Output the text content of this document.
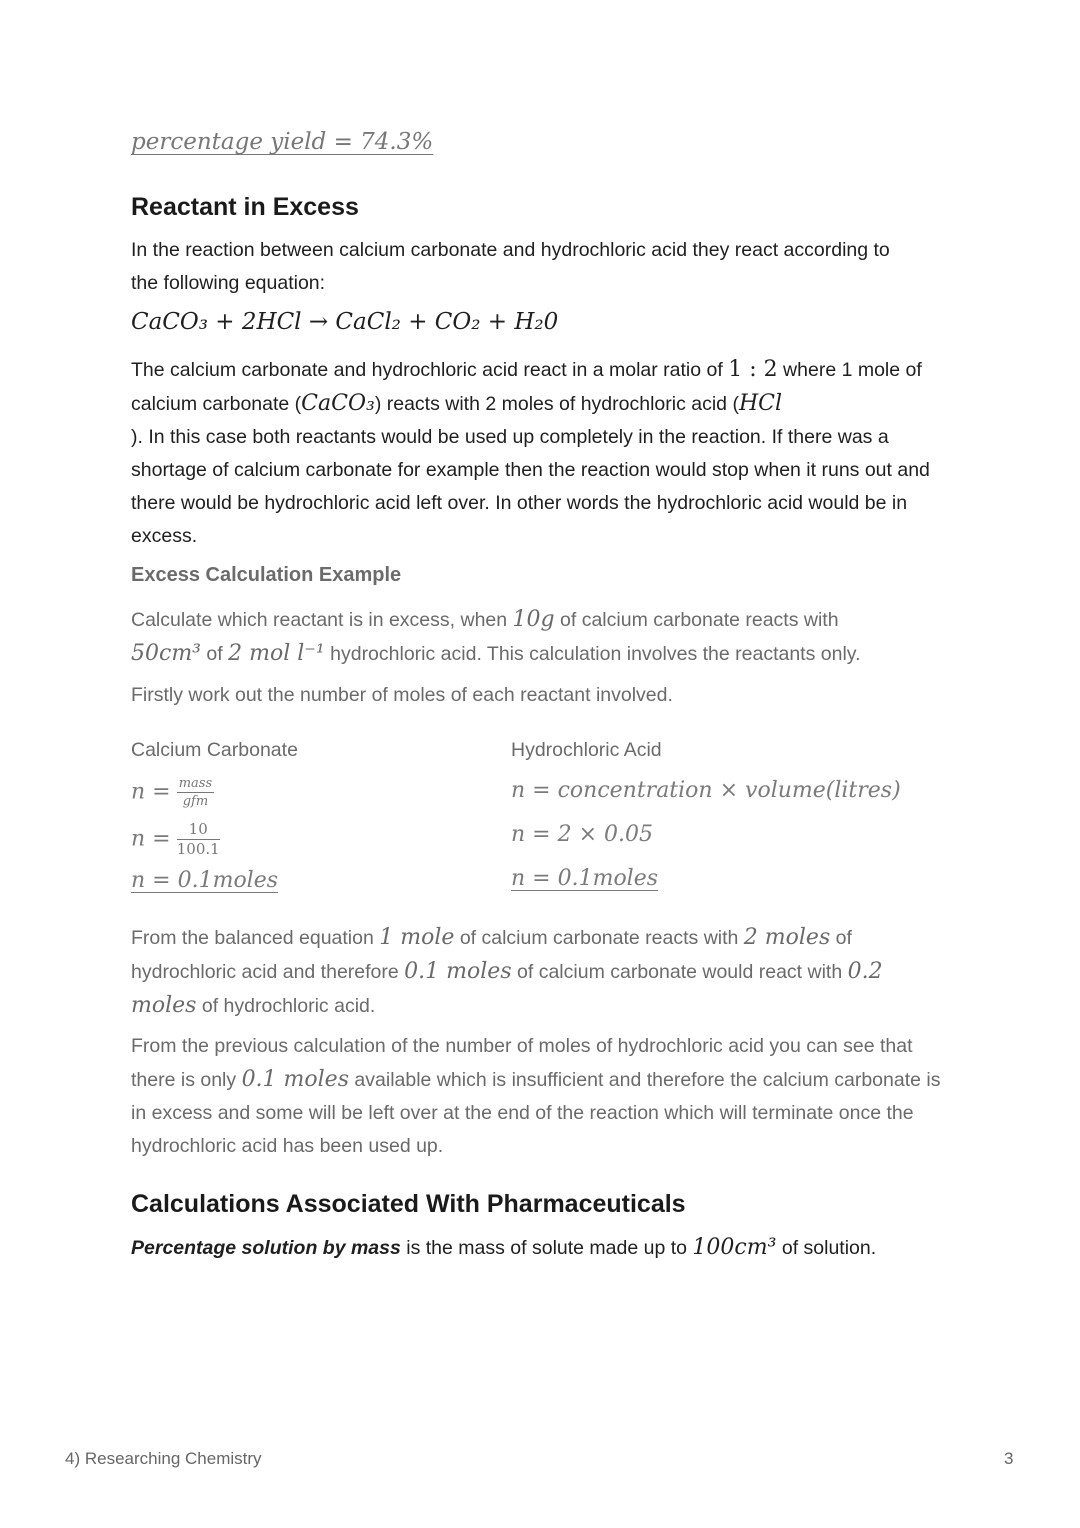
percentage yield = 74.3%
Reactant in Excess
In the reaction between calcium carbonate and hydrochloric acid they react according to the following equation:
CaCO₃ + 2HCl → CaCl₂ + CO₂ + H₂0
The calcium carbonate and hydrochloric acid react in a molar ratio of 1 : 2 where 1 mole of calcium carbonate (CaCO₃) reacts with 2 moles of hydrochloric acid (HCl
). In this case both reactants would be used up completely in the reaction. If there was a shortage of calcium carbonate for example then the reaction would stop when it runs out and there would be hydrochloric acid left over. In other words the hydrochloric acid would be in excess.
Excess Calculation Example
Calculate which reactant is in excess, when 10g of calcium carbonate reacts with
50cm³ of 2 mol l⁻¹ hydrochloric acid. This calculation involves the reactants only.
Firstly work out the number of moles of each reactant involved.
Calcium Carbonate
$n = \frac{\text{mass}}{\text{gfm}}$
$n = \frac{10}{100.1}$
n = 0.1moles
Hydrochloric Acid
n = concentration × volume(litres)
n = 2 × 0.05
n = 0.1moles
From the balanced equation 1 mole of calcium carbonate reacts with 2 moles of hydrochloric acid and therefore 0.1 moles of calcium carbonate would react with 0.2 moles of hydrochloric acid.
From the previous calculation of the number of moles of hydrochloric acid you can see that there is only 0.1 moles available which is insufficient and therefore the calcium carbonate is in excess and some will be left over at the end of the reaction which will terminate once the hydrochloric acid has been used up.
Calculations Associated With Pharmaceuticals
Percentage solution by mass is the mass of solute made up to 100cm³ of solution.
4) Researching Chemistry	3
